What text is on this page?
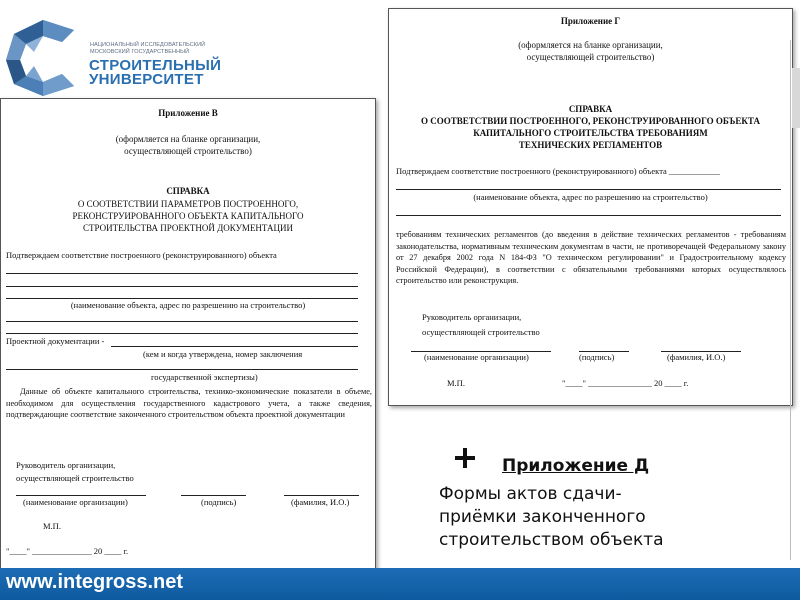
НАЦИОНАЛЬНЫЙ ИССЛЕДОВАТЕЛЬСКИЙ
МОСКОВСКИЙ ГОСУДАРСТВЕННЫЙ
СТРОИТЕЛЬНЫЙ
УНИВЕРСИТЕТ

Приложение Г

(оформляется на бланке организации,

осуществляющей строительство)

СПРАВКА

О СООТВЕТСТВИИ ПОСТРОЕННОГО, РЕКОНСТРУИРОВАННОГО ОБЪЕКТА

КАПИТАЛЬНОГО СТРОИТЕЛЬСТВА ТРЕБОВАНИЯМ

ТЕХНИЧЕСКИХ РЕГЛАМЕНТОВ

Подтверждаем соответствие построенного (реконструированного) объекта ____________

(наименование объекта, адрес по разрешению на строительство)

требованиям технических регламентов (до введения в действие технических регламентов - требованиям законодательства, нормативным техническим документам в части, не противоречащей Федеральному закону от 27 декабря 2002 года N 184-ФЗ "О техническом регулировании" и Градостроительному кодексу Российской Федерации), в соответствии с обязательными требованиями которых осуществлялось строительство или реконструкция.

Руководитель организации,

осуществляющей строительство

(наименование организации)	(подпись)	(фамилия, И.О.)

М.П.	"____" _______________ 20 ____ г.

Приложение В

(оформляется на бланке организации,

осуществляющей строительство)

СПРАВКА

О СООТВЕТСТВИИ ПАРАМЕТРОВ ПОСТРОЕННОГО,

РЕКОНСТРУИРОВАННОГО ОБЪЕКТА КАПИТАЛЬНОГО

СТРОИТЕЛЬСТВА ПРОЕКТНОЙ ДОКУМЕНТАЦИИ

Подтверждаем соответствие построенного (реконструированного) объекта

(наименование объекта, адрес по разрешению на строительство)

Проектной документации -

(кем и когда утверждена, номер заключения

государственной экспертизы)

Данные об объекте капитального строительства, технико-экономические показатели в объеме, необходимом для осуществления государственного кадастрового учета, а также сведения, подтверждающие соответствие законченного строительством объекта проектной документации

Руководитель организации,

осуществляющей строительство

(наименование организации)	(подпись)	(фамилия, И.О.)

М.П.

"____" ______________ 20 ____ г.

Приложение Д
Формы актов сдачи-приёмки законченного строительством объекта
www.integross.net
